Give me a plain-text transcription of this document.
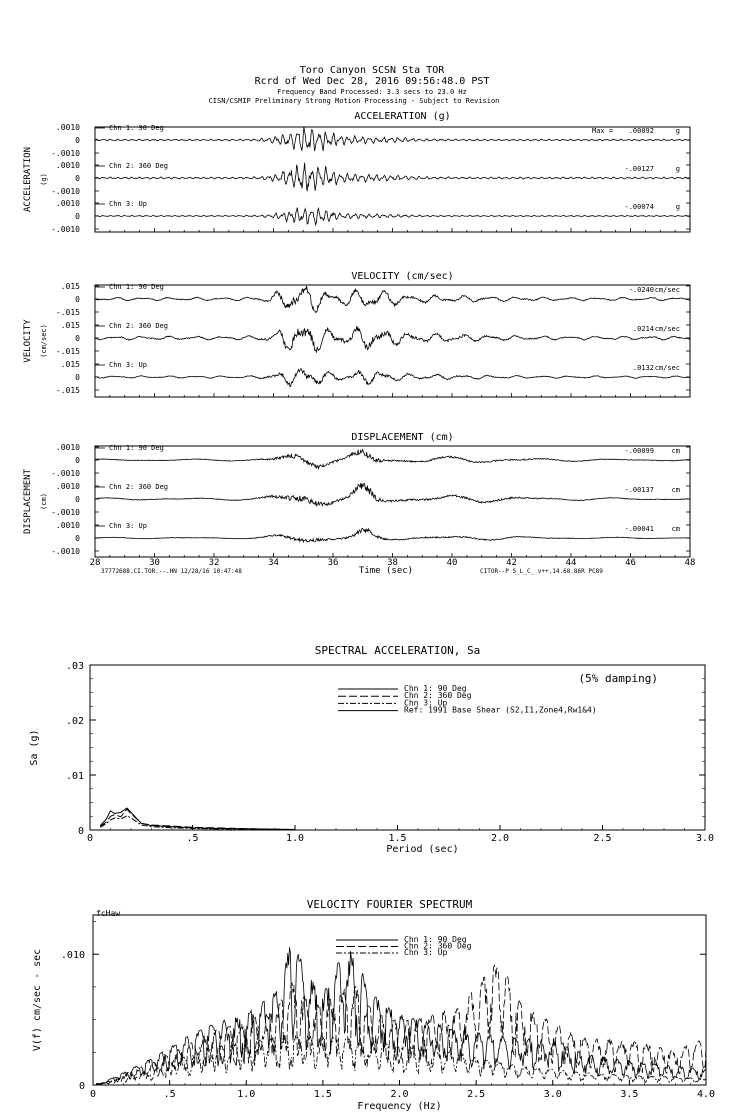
Toro Canyon SCSN Sta TOR
Rcrd of Wed Dec 28, 2016 09:56:48.0 PST
Frequency Band Processed: 3.3 secs to 23.0 Hz
CISN/CSMIP Preliminary Strong Motion Processing - Subject to Revision
ACCELERATION (g)
ACCELERATION (g)
.0010
0
-.0010
Chn 1: 90 Deg	Max = .00092	g
.0010
0
-.0010
Chn 2: 360 Deg	-.00127	g
.0010
0
-.0010
Chn 3: Up	-.00074	g
VELOCITY (cm/sec)
VELOCITY (cm/sec)
.015
0
-.015
Chn 1: 90 Deg	-.0240 cm/sec
.015
0
-.015
Chn 2: 360 Deg	.0214 cm/sec
.015
0
-.015
Chn 3: Up	.0132 cm/sec
DISPLACEMENT (cm)
DISPLACEMENT (cm)
.0010
0
-.0010
Chn 1: 90 Deg	-.00099	cm
.0010
0
-.0010
Chn 2: 360 Deg	-.00137	cm
.0010
0
-.0010
Chn 3: Up	-.00041	cm
28	30	32	34	36	38	40	42	44	46	48
Time (sec)
37772688.CI.TOR.--.HN 12/28/16 10:47:48	CITOR--P S_L_C_ v++.14.68.86R PC89
SPECTRAL ACCELERATION, Sa
Period (sec)
Sa (g)
(5% damping)
0	.5	1.0	1.5	2.0	2.5	3.0
0
.01
.02
.03
Chn 1: 90 Deg
Chn 2: 360 Deg
Chn 3: Up
Ref: 1991 Base Shear (S2,I1,Zone4,Rw1&4)
VELOCITY FOURIER SPECTRUM
Frequency (Hz)
V(f) cm/sec - sec
fcHaw
0	.5	1.0	1.5	2.0	2.5	3.0	3.5	4.0
0
.010
Chn 1: 90 Deg
Chn 2: 360 Deg
Chn 3: Up
